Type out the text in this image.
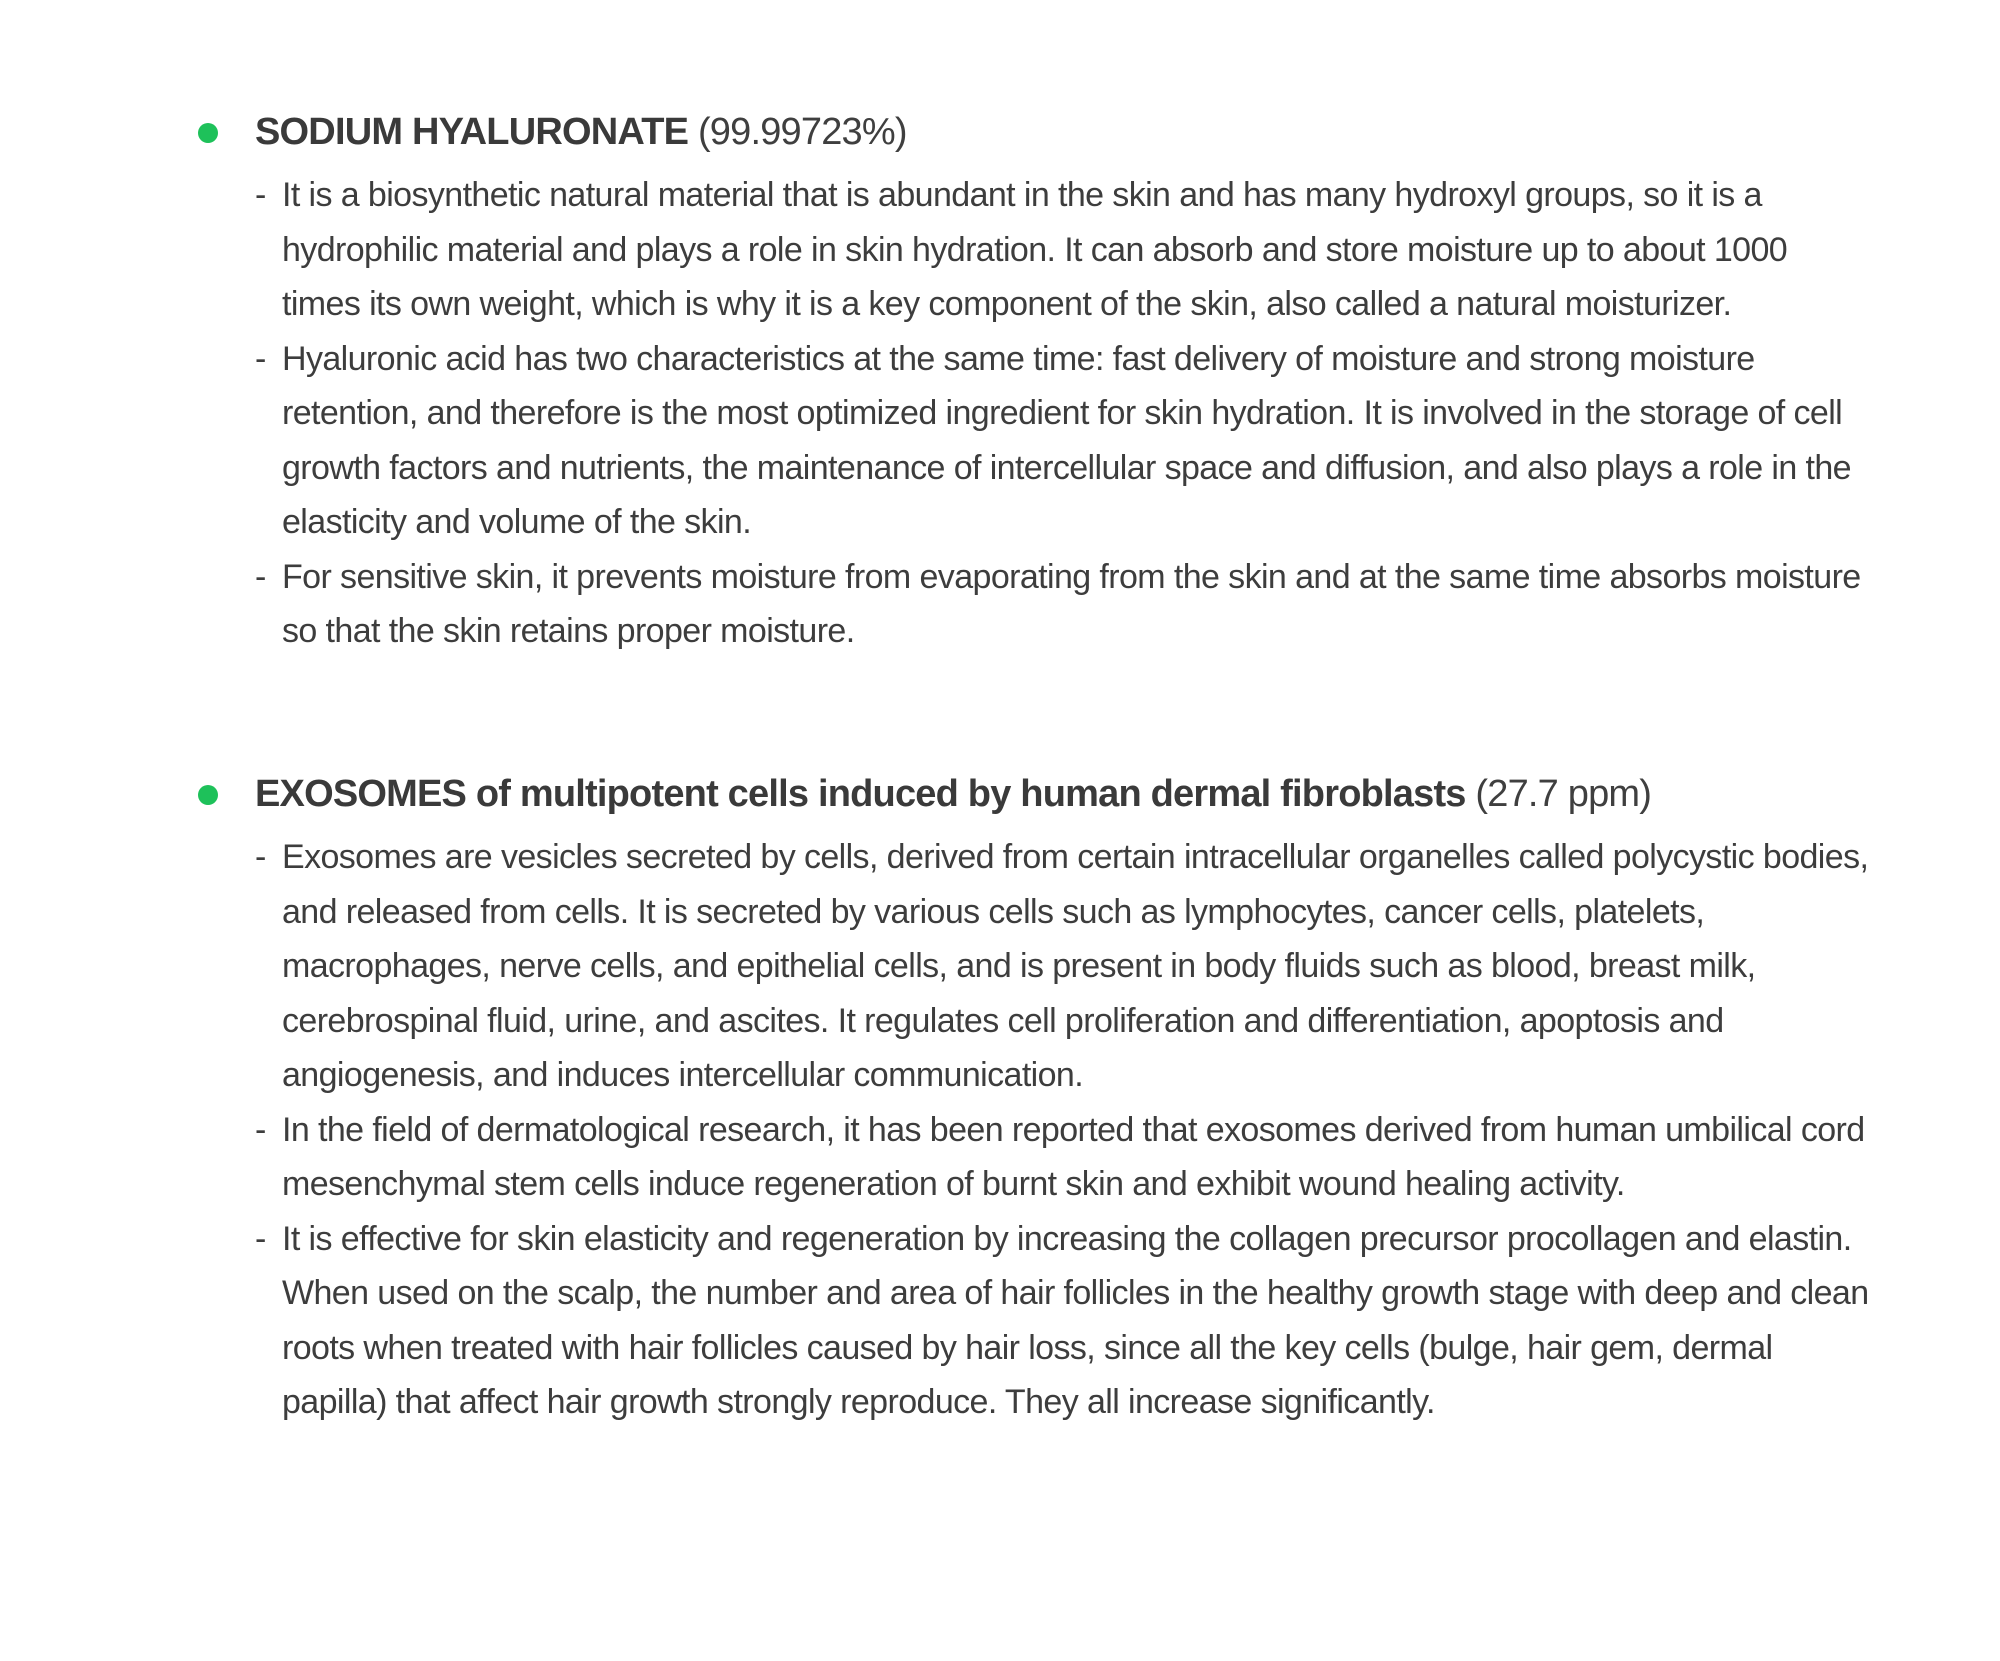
SODIUM HYALURONATE (99.99723%)
- It is a biosynthetic natural material that is abundant in the skin and has many hydroxyl groups, so it is a hydrophilic material and plays a role in skin hydration. It can absorb and store moisture up to about 1000 times its own weight, which is why it is a key component of the skin, also called a natural moisturizer.
- Hyaluronic acid has two characteristics at the same time: fast delivery of moisture and strong moisture retention, and therefore is the most optimized ingredient for skin hydration. It is involved in the storage of cell growth factors and nutrients, the maintenance of intercellular space and diffusion, and also plays a role in the elasticity and volume of the skin.
- For sensitive skin, it prevents moisture from evaporating from the skin and at the same time absorbs moisture so that the skin retains proper moisture.
EXOSOMES of multipotent cells induced by human dermal fibroblasts (27.7 ppm)
- Exosomes are vesicles secreted by cells, derived from certain intracellular organelles called polycystic bodies, and released from cells. It is secreted by various cells such as lymphocytes, cancer cells, platelets, macrophages, nerve cells, and epithelial cells, and is present in body fluids such as blood, breast milk, cerebrospinal fluid, urine, and ascites. It regulates cell proliferation and differentiation, apoptosis and angiogenesis, and induces intercellular communication.
- In the field of dermatological research, it has been reported that exosomes derived from human umbilical cord mesenchymal stem cells induce regeneration of burnt skin and exhibit wound healing activity.
- It is effective for skin elasticity and regeneration by increasing the collagen precursor procollagen and elastin. When used on the scalp, the number and area of hair follicles in the healthy growth stage with deep and clean roots when treated with hair follicles caused by hair loss, since all the key cells (bulge, hair gem, dermal papilla) that affect hair growth strongly reproduce. They all increase significantly.
